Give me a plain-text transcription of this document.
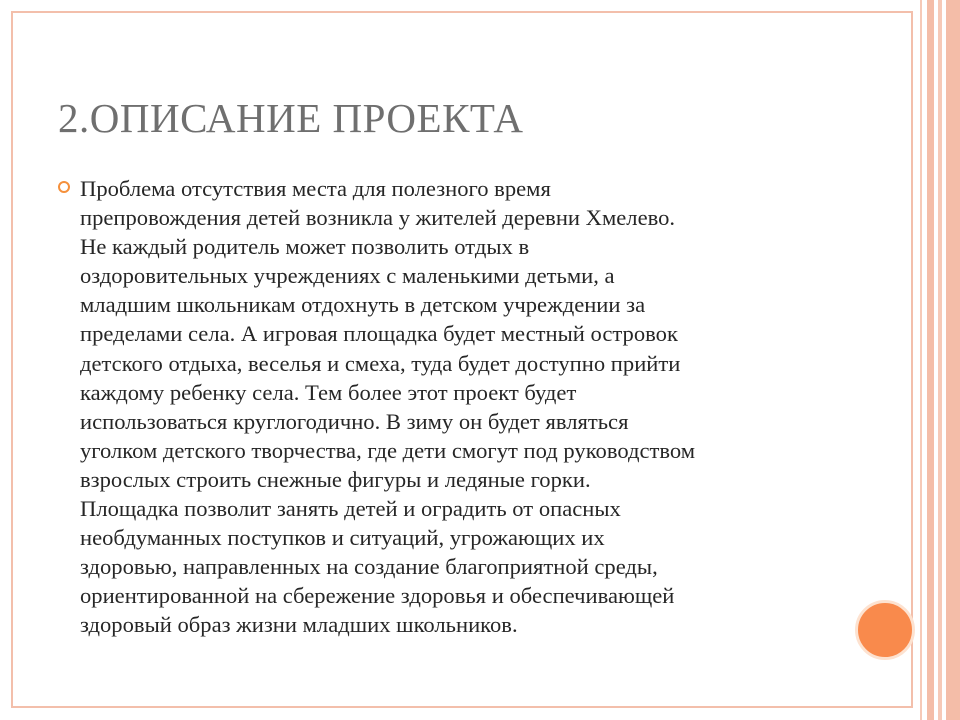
2.ОПИСАНИЕ ПРОЕКТА
Проблема отсутствия места для полезного время
препровождения детей возникла у жителей деревни Хмелево.
Не каждый родитель может позволить отдых в
оздоровительных учреждениях с маленькими детьми, а
младшим школьникам отдохнуть в детском учреждении за
пределами села. А игровая площадка будет местный островок
детского отдыха, веселья и смеха, туда будет доступно прийти
каждому ребенку села. Тем более этот проект будет
использоваться круглогодично. В зиму он будет являться
уголком детского творчества, где дети смогут под руководством
взрослых строить снежные фигуры и ледяные горки.
Площадка позволит занять детей и оградить от опасных
необдуманных поступков и ситуаций, угрожающих их
здоровью, направленных на создание благоприятной среды,
ориентированной на сбережение здоровья и обеспечивающей
здоровый образ жизни младших школьников.
